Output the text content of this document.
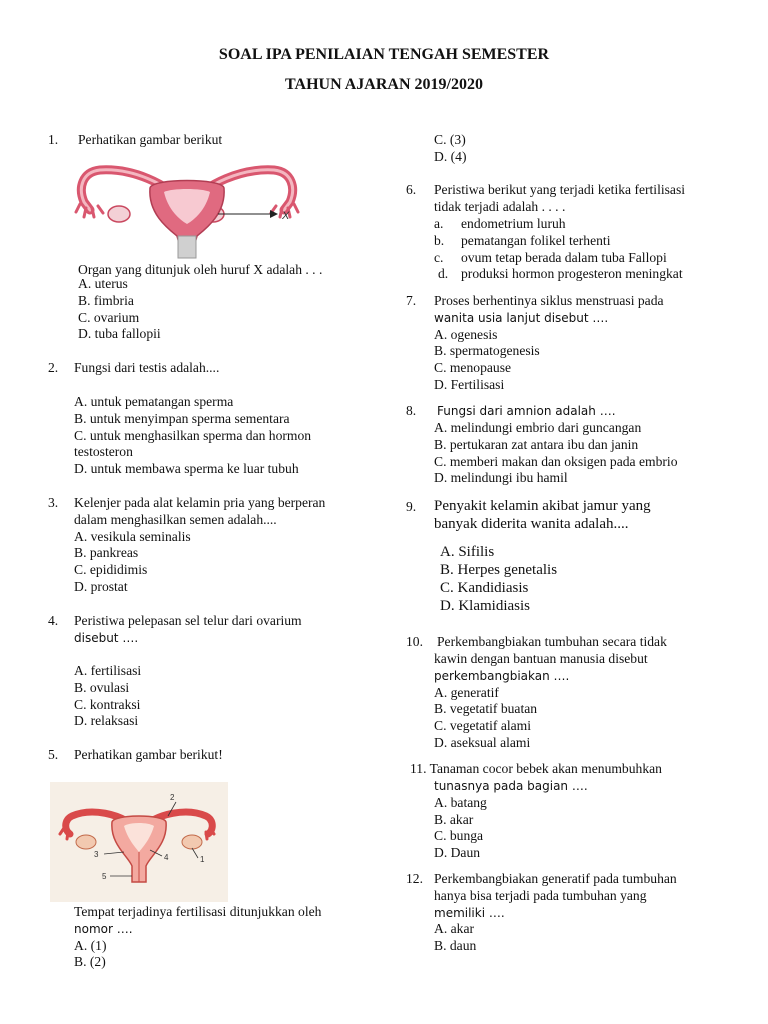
SOAL IPA PENILAIAN TENGAH SEMESTER
TAHUN AJARAN 2019/2020
1. Perhatikan gambar berikut
X
Organ yang ditunjuk oleh huruf X adalah . . .
A. uterus
B. fimbria
C. ovarium
D. tuba fallopii
2. Fungsi dari testis adalah....
A. untuk pematangan sperma
B. untuk menyimpan sperma sementara
C. untuk menghasilkan sperma dan hormon
testosteron
D. untuk membawa sperma ke luar tubuh
3. Kelenjer pada alat kelamin pria yang berperan
dalam menghasilkan semen adalah....
A. vesikula seminalis
B. pankreas
C. epididimis
D. prostat
4. Peristiwa pelepasan sel telur dari ovarium
disebut ….
A. fertilisasi
B. ovulasi
C. kontraksi
D. relaksasi
5. Perhatikan gambar berikut!
2
3	4	1
5
Tempat terjadinya fertilisasi ditunjukkan oleh
nomor ….
A. (1)
B. (2)
C. (3)
D. (4)
6. Peristiwa berikut yang terjadi ketika fertilisasi
tidak terjadi adalah . . . .
a. endometrium luruh
b. pematangan folikel terhenti
c. ovum tetap berada dalam tuba Fallopi
d. produksi hormon progesteron meningkat
7. Proses berhentinya siklus menstruasi pada
wanita usia lanjut disebut ….
A. ogenesis
B. spermatogenesis
C. menopause
D. Fertilisasi
8. Fungsi dari amnion adalah ….
A. melindungi embrio dari guncangan
B. pertukaran zat antara ibu dan janin
C. memberi makan dan oksigen pada embrio
D. melindungi ibu hamil
9. Penyakit kelamin akibat jamur yang
banyak diderita wanita adalah....
A. Sifilis
B. Herpes genetalis
C. Kandidiasis
D. Klamidiasis
10. Perkembangbiakan tumbuhan secara tidak
kawin dengan bantuan manusia disebut
perkembangbiakan ….
A. generatif
B. vegetatif buatan
C. vegetatif alami
D. aseksual alami
11. Tanaman cocor bebek akan menumbuhkan
tunasnya pada bagian ….
A. batang
B. akar
C. bunga
D. Daun
12. Perkembangbiakan generatif pada tumbuhan
hanya bisa terjadi pada tumbuhan yang
memiliki ….
A. akar
B. daun
